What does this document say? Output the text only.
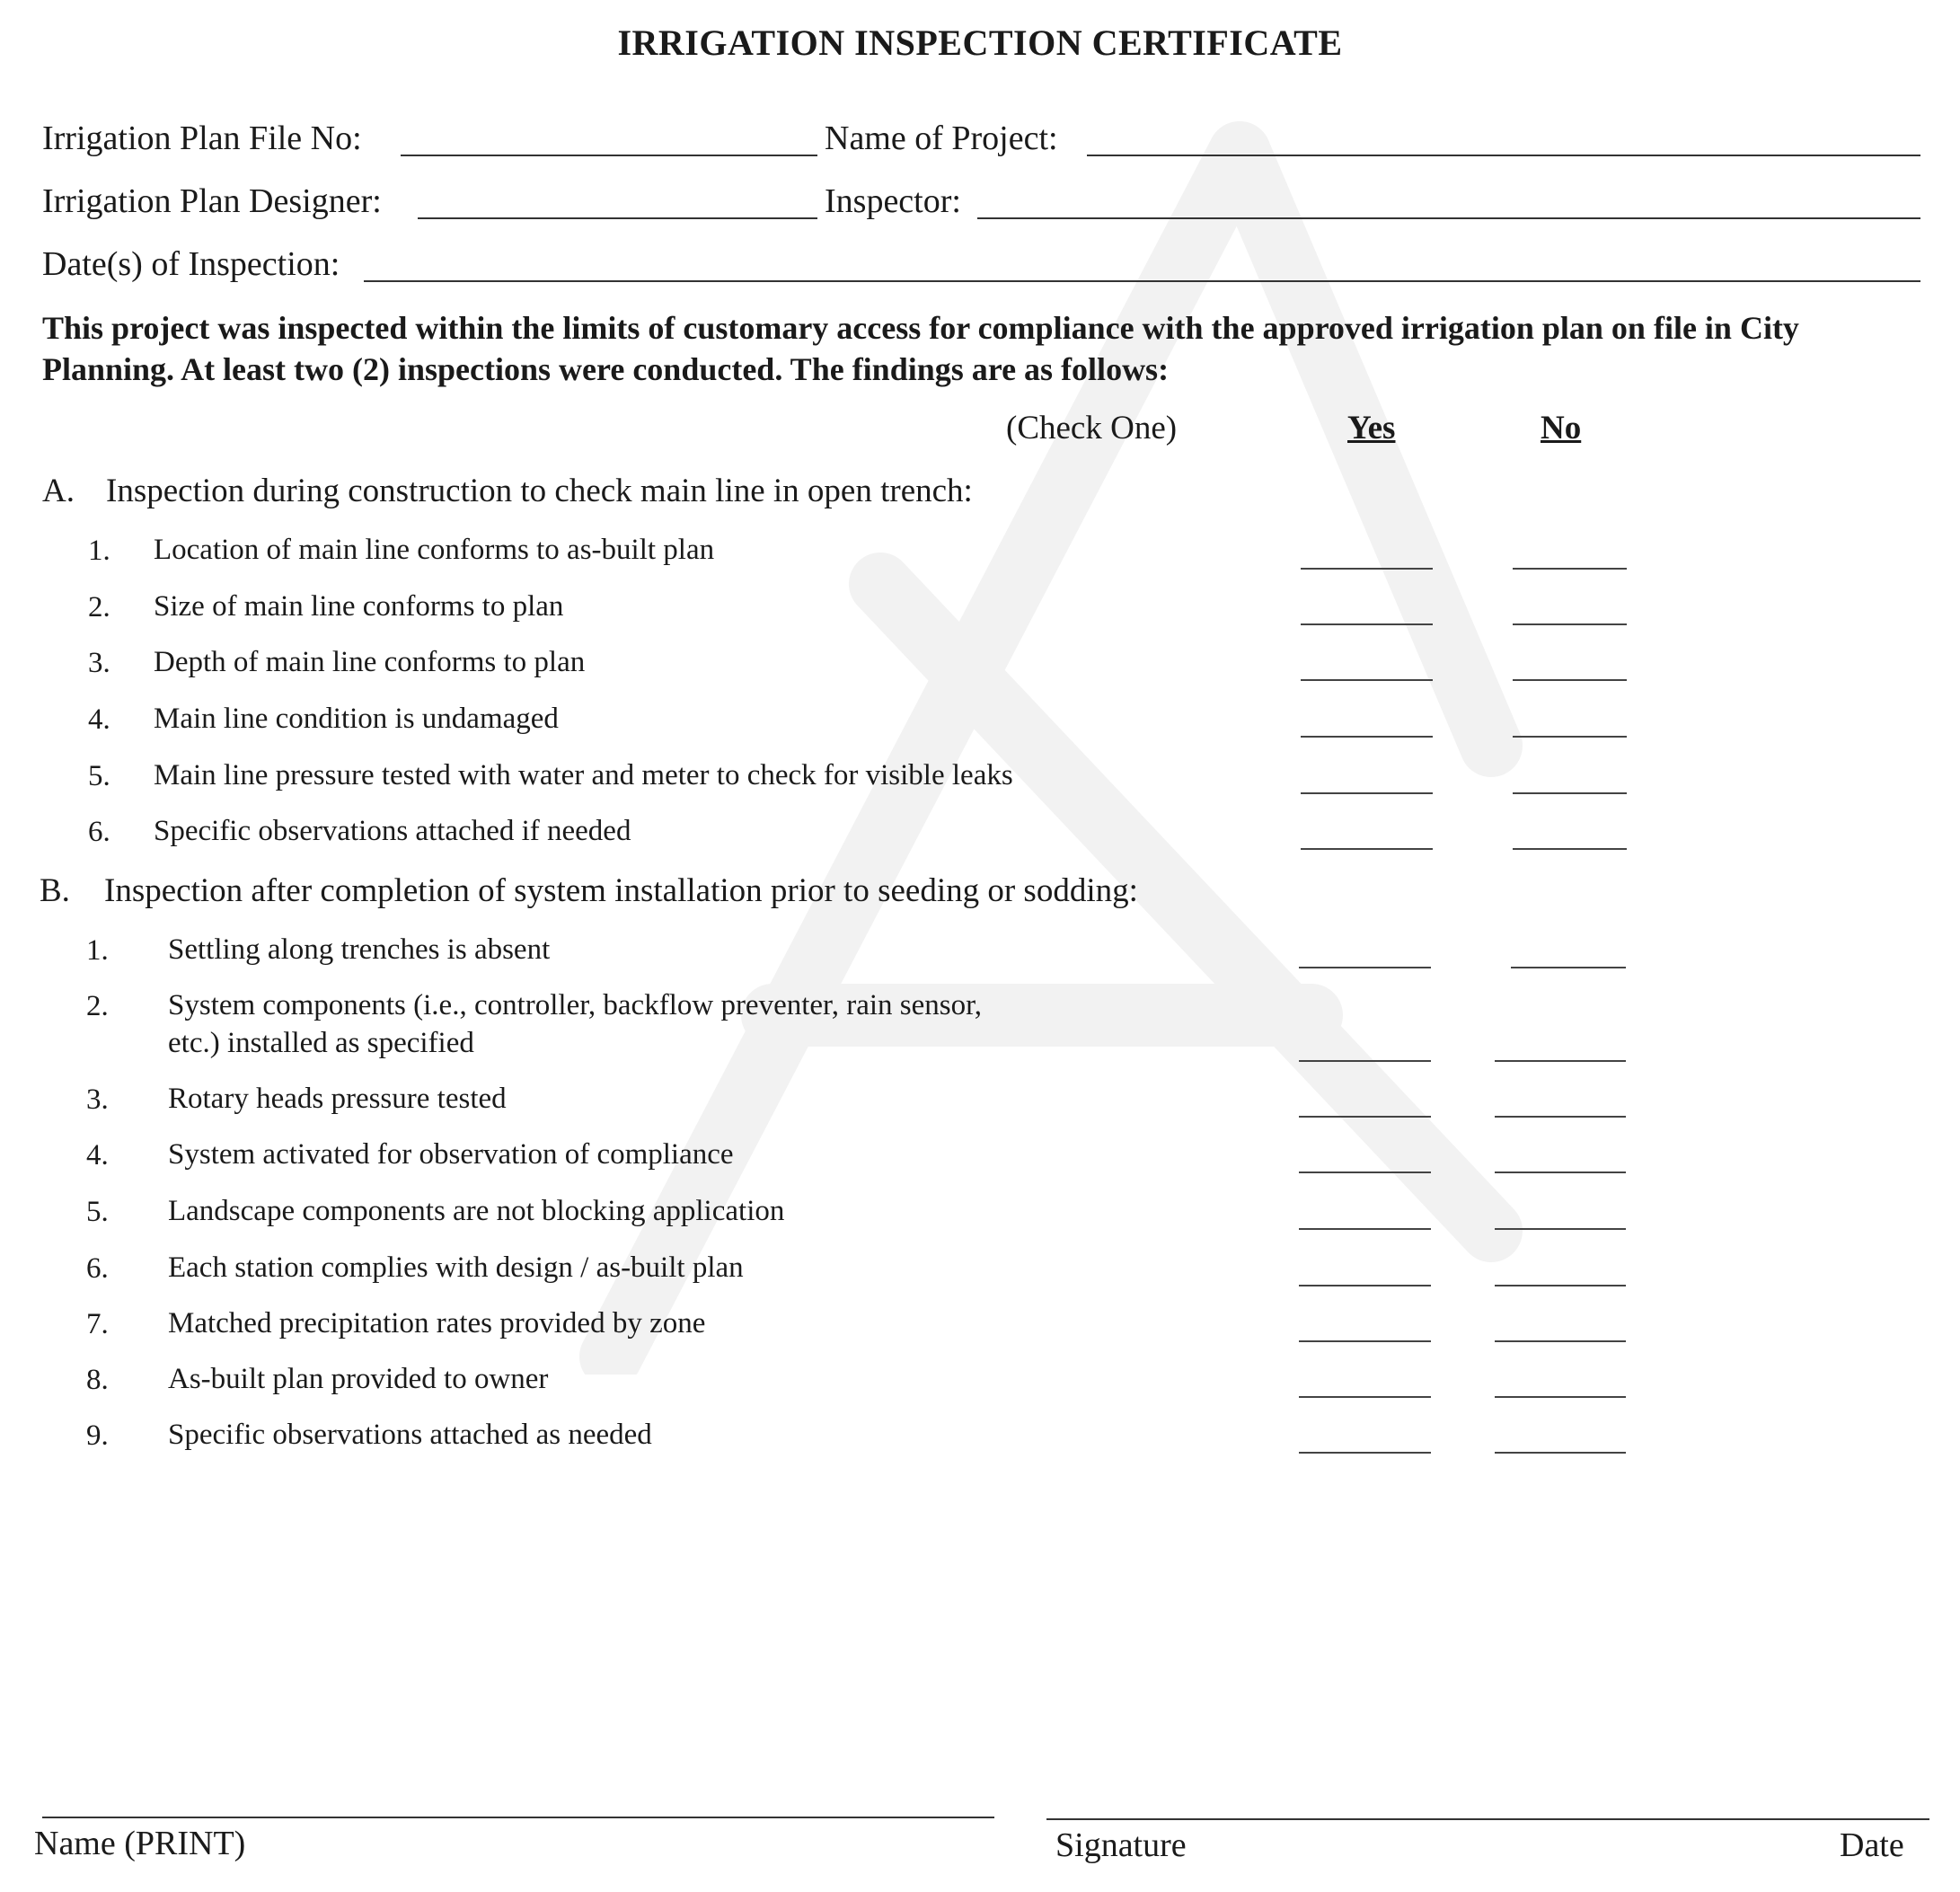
IRRIGATION INSPECTION CERTIFICATE
Irrigation Plan File No:	Name of Project:
Irrigation Plan Designer:	Inspector:
Date(s) of Inspection:
This project was inspected within the limits of customary access for compliance with the approved irrigation plan on file in City Planning. At least two (2) inspections were conducted. The findings are as follows:
(Check One)	Yes	No
A. Inspection during construction to check main line in open trench:
1. Location of main line conforms to as-built plan
2. Size of main line conforms to plan
3. Depth of main line conforms to plan
4. Main line condition is undamaged
5. Main line pressure tested with water and meter to check for visible leaks
6. Specific observations attached if needed
B. Inspection after completion of system installation prior to seeding or sodding:
1. Settling along trenches is absent
2. System components (i.e., controller, backflow preventer, rain sensor,
etc.) installed as specified
3. Rotary heads pressure tested
4. System activated for observation of compliance
5. Landscape components are not blocking application
6. Each station complies with design / as-built plan
7. Matched precipitation rates provided by zone
8. As-built plan provided to owner
9. Specific observations attached as needed
Name (PRINT)	Signature	Date
